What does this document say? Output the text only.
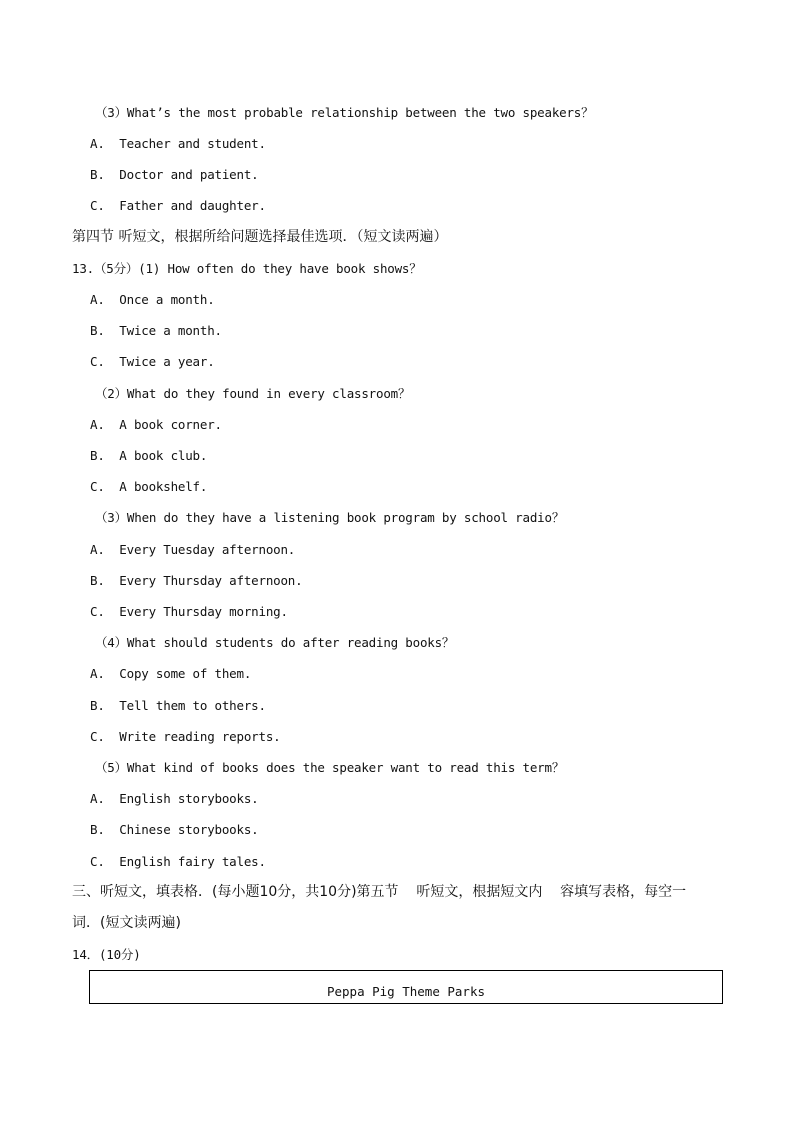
（3）What’s the most probable relationship between the two speakers？
A.  Teacher and student.
B.  Doctor and patient.
C.  Father and daughter.
第四节 听短文，根据所给问题选择最佳选项．（短文读两遍）
13.（5分）(1) How often do they have book shows？
A.  Once a month.
B.  Twice a month.
C.  Twice a year.
（2）What do they found in every classroom？
A.  A book corner.
B.  A book club.
C.  A bookshelf.
（3）When do they have a listening book program by school radio？
A.  Every Tuesday afternoon.
B.  Every Thursday afternoon.
C.  Every Thursday morning.
（4）What should students do after reading books？
A.  Copy some of them.
B.  Tell them to others.
C.  Write reading reports.
（5）What kind of books does the speaker want to read this term？
A.  English storybooks.
B.  Chinese storybooks.
C.  English fairy tales.
三、听短文，填表格．(每小题10分，共10分)第五节    听短文，根据短文内    容填写表格，每空一
词．(短文读两遍)
14．(10分)
Peppa Pig Theme Parks
